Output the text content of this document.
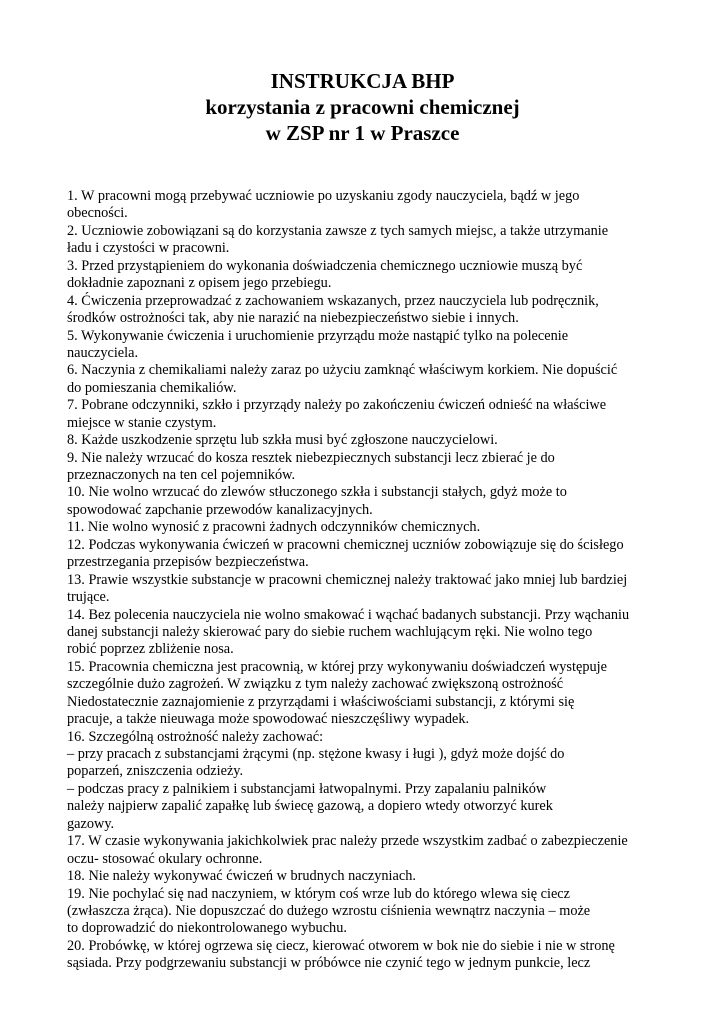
INSTRUKCJA BHP
korzystania z pracowni chemicznej
w ZSP nr 1 w Praszce
1. W pracowni mogą przebywać uczniowie po uzyskaniu zgody nauczyciela, bądź w jego
obecności.
2. Uczniowie zobowiązani są do korzystania zawsze z tych samych miejsc, a także utrzymanie
ładu i czystości w pracowni.
3. Przed przystąpieniem do wykonania doświadczenia chemicznego uczniowie muszą być
dokładnie zapoznani z opisem jego przebiegu.
4. Ćwiczenia przeprowadzać z zachowaniem wskazanych, przez nauczyciela lub podręcznik,
środków ostrożności tak, aby nie narazić na niebezpieczeństwo siebie i innych.
5. Wykonywanie ćwiczenia i uruchomienie przyrządu może nastąpić tylko na polecenie
nauczyciela.
6. Naczynia z chemikaliami należy zaraz po użyciu zamknąć właściwym korkiem. Nie dopuścić
do pomieszania chemikaliów.
7. Pobrane odczynniki, szkło i przyrządy należy po zakończeniu ćwiczeń odnieść na właściwe
miejsce w stanie czystym.
8. Każde uszkodzenie sprzętu lub szkła musi być zgłoszone nauczycielowi.
9. Nie należy wrzucać do kosza resztek niebezpiecznych substancji lecz zbierać je do
przeznaczonych na ten cel pojemników.
10. Nie wolno wrzucać do zlewów stłuczonego szkła i substancji stałych, gdyż może to
spowodować zapchanie przewodów kanalizacyjnych.
11. Nie wolno wynosić z pracowni żadnych odczynników chemicznych.
12. Podczas wykonywania ćwiczeń w pracowni chemicznej uczniów zobowiązuje się do ścisłego
przestrzegania przepisów bezpieczeństwa.
13. Prawie wszystkie substancje w pracowni chemicznej należy traktować jako mniej lub bardziej
trujące.
14. Bez polecenia nauczyciela nie wolno smakować i wąchać badanych substancji. Przy wąchaniu
danej substancji należy skierować pary do siebie ruchem wachlującym ręki. Nie wolno tego
robić poprzez zbliżenie nosa.
15. Pracownia chemiczna jest pracownią, w której przy wykonywaniu doświadczeń występuje
szczególnie dużo zagrożeń. W związku z tym należy zachować zwiększoną ostrożność
Niedostatecznie zaznajomienie z przyrządami i właściwościami substancji, z którymi się
pracuje, a także nieuwaga może spowodować nieszczęśliwy wypadek.
16. Szczególną ostrożność należy zachować:
– przy pracach z substancjami żrącymi (np. stężone kwasy i ługi ), gdyż może dojść do
poparzeń, zniszczenia odzieży.
– podczas pracy z palnikiem i substancjami łatwopalnymi. Przy zapalaniu palników
należy najpierw zapalić zapałkę lub świecę gazową, a dopiero wtedy otworzyć kurek
gazowy.
17. W czasie wykonywania jakichkolwiek prac należy przede wszystkim zadbać o zabezpieczenie
oczu- stosować okulary ochronne.
18. Nie należy wykonywać ćwiczeń w brudnych naczyniach.
19. Nie pochylać się nad naczyniem, w którym coś wrze lub do którego wlewa się ciecz
(zwłaszcza żrąca). Nie dopuszczać do dużego wzrostu ciśnienia wewnątrz naczynia – może
to doprowadzić do niekontrolowanego wybuchu.
20. Probówkę, w której ogrzewa się ciecz, kierować otworem w bok nie do siebie i nie w stronę
sąsiada. Przy podgrzewaniu substancji w próbówce nie czynić tego w jednym punkcie, lecz
